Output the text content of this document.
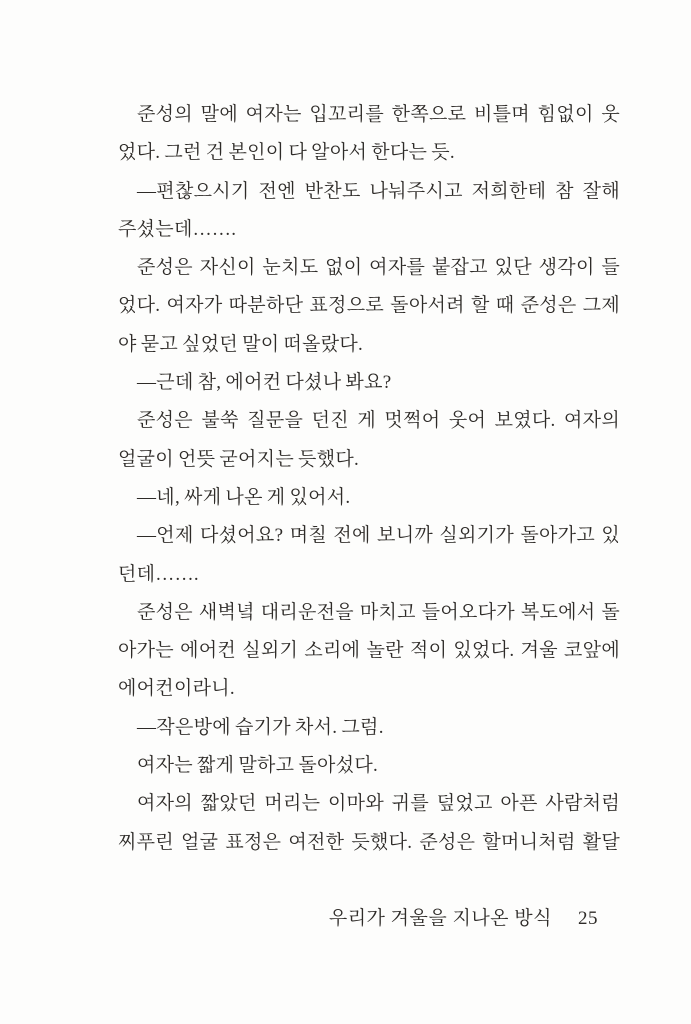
준성의 말에 여자는 입꼬리를 한쪽으로 비틀며 힘없이 웃
었다. 그런 건 본인이 다 알아서 한다는 듯.
—편찮으시기 전엔 반찬도 나눠주시고 저희한테 참 잘해
주셨는데…….
준성은 자신이 눈치도 없이 여자를 붙잡고 있단 생각이 들
었다. 여자가 따분하단 표정으로 돌아서려 할 때 준성은 그제
야 묻고 싶었던 말이 떠올랐다.
—근데 참, 에어컨 다셨나 봐요?
준성은 불쑥 질문을 던진 게 멋쩍어 웃어 보였다. 여자의
얼굴이 언뜻 굳어지는 듯했다.
—네, 싸게 나온 게 있어서.
—언제 다셨어요? 며칠 전에 보니까 실외기가 돌아가고 있
던데…….
준성은 새벽녘 대리운전을 마치고 들어오다가 복도에서 돌
아가는 에어컨 실외기 소리에 놀란 적이 있었다. 겨울 코앞에
에어컨이라니.
—작은방에 습기가 차서. 그럼.
여자는 짧게 말하고 돌아섰다.
여자의 짧았던 머리는 이마와 귀를 덮었고 아픈 사람처럼
찌푸린 얼굴 표정은 여전한 듯했다. 준성은 할머니처럼 활달
우리가 겨울을 지나온 방식 25
